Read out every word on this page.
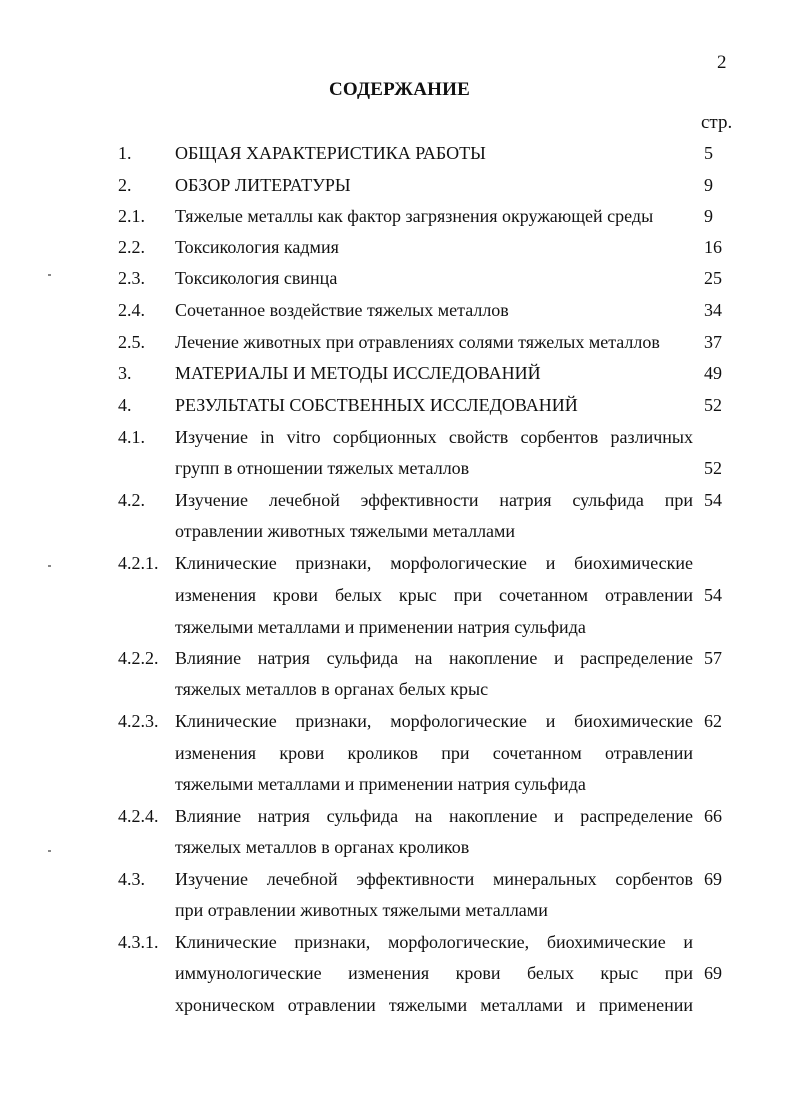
2
СОДЕРЖАНИЕ
стр.
1. ОБЩАЯ ХАРАКТЕРИСТИКА РАБОТЫ	5
2. ОБЗОР ЛИТЕРАТУРЫ	9
2.1. Тяжелые металлы как фактор загрязнения окружающей среды	9
2.2. Токсикология кадмия	16
2.3. Токсикология свинца	25
2.4. Сочетанное воздействие тяжелых металлов	34
2.5. Лечение животных при отравлениях солями тяжелых металлов 37
3. МАТЕРИАЛЫ И МЕТОДЫ ИССЛЕДОВАНИЙ	49
4. РЕЗУЛЬТАТЫ СОБСТВЕННЫХ ИССЛЕДОВАНИЙ	52
4.1. Изучение in vitro сорбционных свойств сорбентов различных
групп в отношении тяжелых металлов	52
4.2. Изучение лечебной эффективности натрия сульфида при 54
отравлении животных тяжелыми металлами
4.2.1. Клинические признаки, морфологические и биохимические
изменения крови белых крыс при сочетанном отравлении 54
тяжелыми металлами и применении натрия сульфида
4.2.2. Влияние натрия сульфида на накопление и распределение 57
тяжелых металлов в органах белых крыс
4.2.3. Клинические признаки, морфологические и биохимические 62
изменения крови кроликов при сочетанном отравлении
тяжелыми металлами и применении натрия сульфида
4.2.4. Влияние натрия сульфида на накопление и распределение 66
тяжелых металлов в органах кроликов
4.3. Изучение лечебной эффективности минеральных сорбентов 69
при отравлении животных тяжелыми металлами
4.3.1. Клинические признаки, морфологические, биохимические и
иммунологические изменения крови белых крыс при 69
хроническом отравлении тяжелыми металлами и применении
